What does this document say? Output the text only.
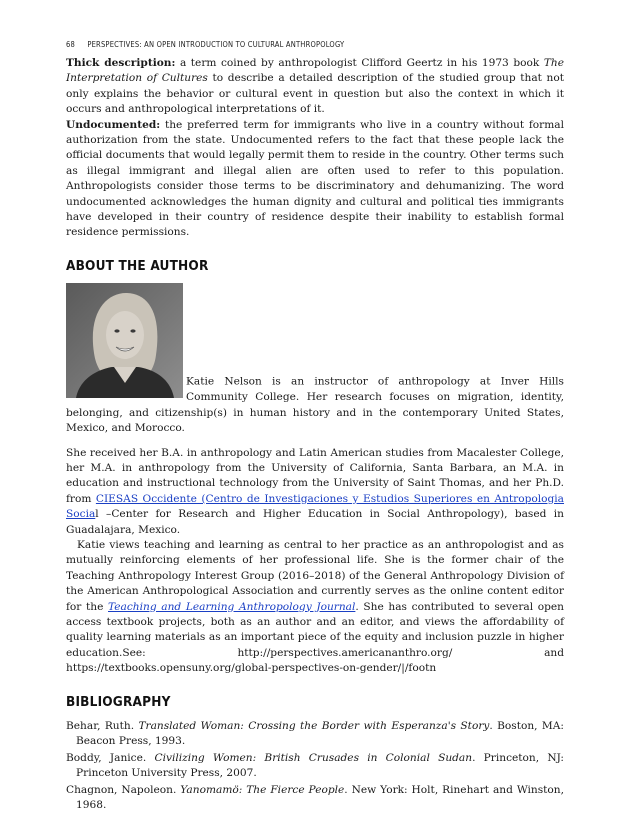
68 PERSPECTIVES: AN OPEN INTRODUCTION TO CULTURAL ANTHROPOLOGY

Thick description: a term coined by anthropologist Clifford Geertz in his 1973 book The Interpretation of Cultures to describe a detailed description of the studied group that not only explains the behavior or cultural event in question but also the context in which it occurs and anthropological interpretations of it.

Undocumented: the preferred term for immigrants who live in a country without formal authorization from the state. Undocumented refers to the fact that these people lack the official documents that would legally permit them to reside in the country. Other terms such as illegal immigrant and illegal alien are often used to refer to this population. Anthropologists consider those terms to be discriminatory and dehumanizing. The word undocumented acknowledges the human dignity and cultural and political ties immigrants have developed in their country of residence despite their inability to establish formal residence permissions.

ABOUT THE AUTHOR

Katie Nelson is an instructor of anthropology at Inver Hills Community College. Her research focuses on migration, identity, belonging, and citizenship(s) in human history and in the contemporary United States, Mexico, and Morocco.

She received her B.A. in anthropology and Latin American studies from Macalester College, her M.A. in anthropology from the University of California, Santa Barbara, an M.A. in education and instructional technology from the University of Saint Thomas, and her Ph.D. from CIESAS Occidente (Centro de Investigaciones y Estudios Superiores en Antropologia Social –Center for Research and Higher Education in Social Anthropology), based in Guadalajara, Mexico.

Katie views teaching and learning as central to her practice as an anthropologist and as mutually reinforcing elements of her professional life. She is the former chair of the Teaching Anthropology Interest Group (2016–2018) of the General Anthropology Division of the American Anthropological Association and currently serves as the online content editor for the Teaching and Learning Anthropology Journal. She has contributed to several open access textbook projects, both as an author and an editor, and views the affordability of quality learning materials as an important piece of the equity and inclusion puzzle in higher education.See: http://perspectives.americananthro.org/ and https://textbooks.opensuny.org/global-perspectives-on-gender/|/footn

BIBLIOGRAPHY

Behar, Ruth. Translated Woman: Crossing the Border with Esperanza's Story. Boston, MA: Beacon Press, 1993.

Boddy, Janice. Civilizing Women: British Crusades in Colonial Sudan. Princeton, NJ: Princeton University Press, 2007.

Chagnon, Napoleon. Yanomamö: The Fierce People. New York: Holt, Rinehart and Winston, 1968.
